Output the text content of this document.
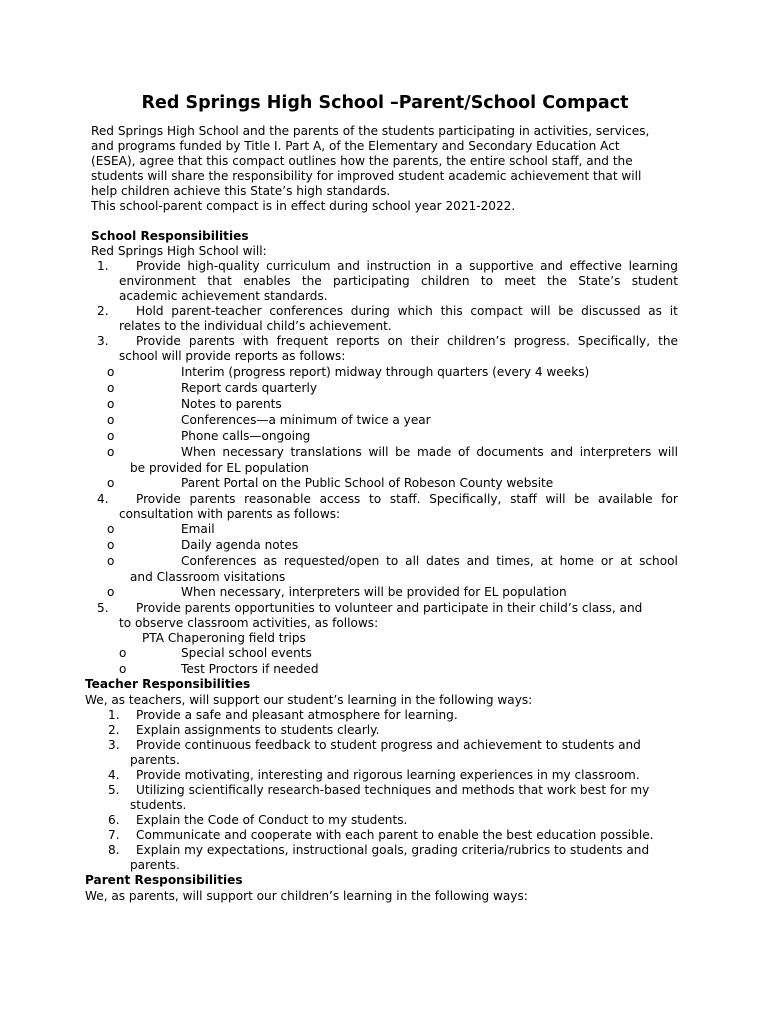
Red Springs High School –Parent/School Compact
Red Springs High School and the parents of the students participating in activities, services,
and programs funded by Title I. Part A, of the Elementary and Secondary Education Act
(ESEA), agree that this compact outlines how the parents, the entire school staff, and the
students will share the responsibility for improved student academic achievement that will
help children achieve this State’s high standards.
This school-parent compact is in effect during school year 2021-2022.
School Responsibilities
Red Springs High School will:
1. Provide high-quality curriculum and instruction in a supportive and effective learning
environment that enables the participating children to meet the State’s student
academic achievement standards.
2. Hold parent-teacher conferences during which this compact will be discussed as it
relates to the individual child’s achievement.
3. Provide parents with frequent reports on their children’s progress. Specifically, the
school will provide reports as follows:
o	Interim (progress report) midway through quarters (every 4 weeks)
o	Report cards quarterly
o	Notes to parents
o	Conferences—a minimum of twice a year
o	Phone calls—ongoing
o	When necessary translations will be made of documents and interpreters will
be provided for EL population
o	Parent Portal on the Public School of Robeson County website
4. Provide parents reasonable access to staff. Specifically, staff will be available for
consultation with parents as follows:
o	Email
o	Daily agenda notes
o	Conferences as requested/open to all dates and times, at home or at school
and Classroom visitations
o	When necessary, interpreters will be provided for EL population
5. Provide parents opportunities to volunteer and participate in their child’s class, and
to observe classroom activities, as follows:
PTA Chaperoning field trips
o	Special school events
o	Test Proctors if needed
Teacher Responsibilities
We, as teachers, will support our student’s learning in the following ways:
1. Provide a safe and pleasant atmosphere for learning.
2. Explain assignments to students clearly.
3. Provide continuous feedback to student progress and achievement to students and
parents.
4. Provide motivating, interesting and rigorous learning experiences in my classroom.
5. Utilizing scientifically research-based techniques and methods that work best for my
students.
6. Explain the Code of Conduct to my students.
7. Communicate and cooperate with each parent to enable the best education possible.
8. Explain my expectations, instructional goals, grading criteria/rubrics to students and
parents.
Parent Responsibilities
We, as parents, will support our children’s learning in the following ways:
